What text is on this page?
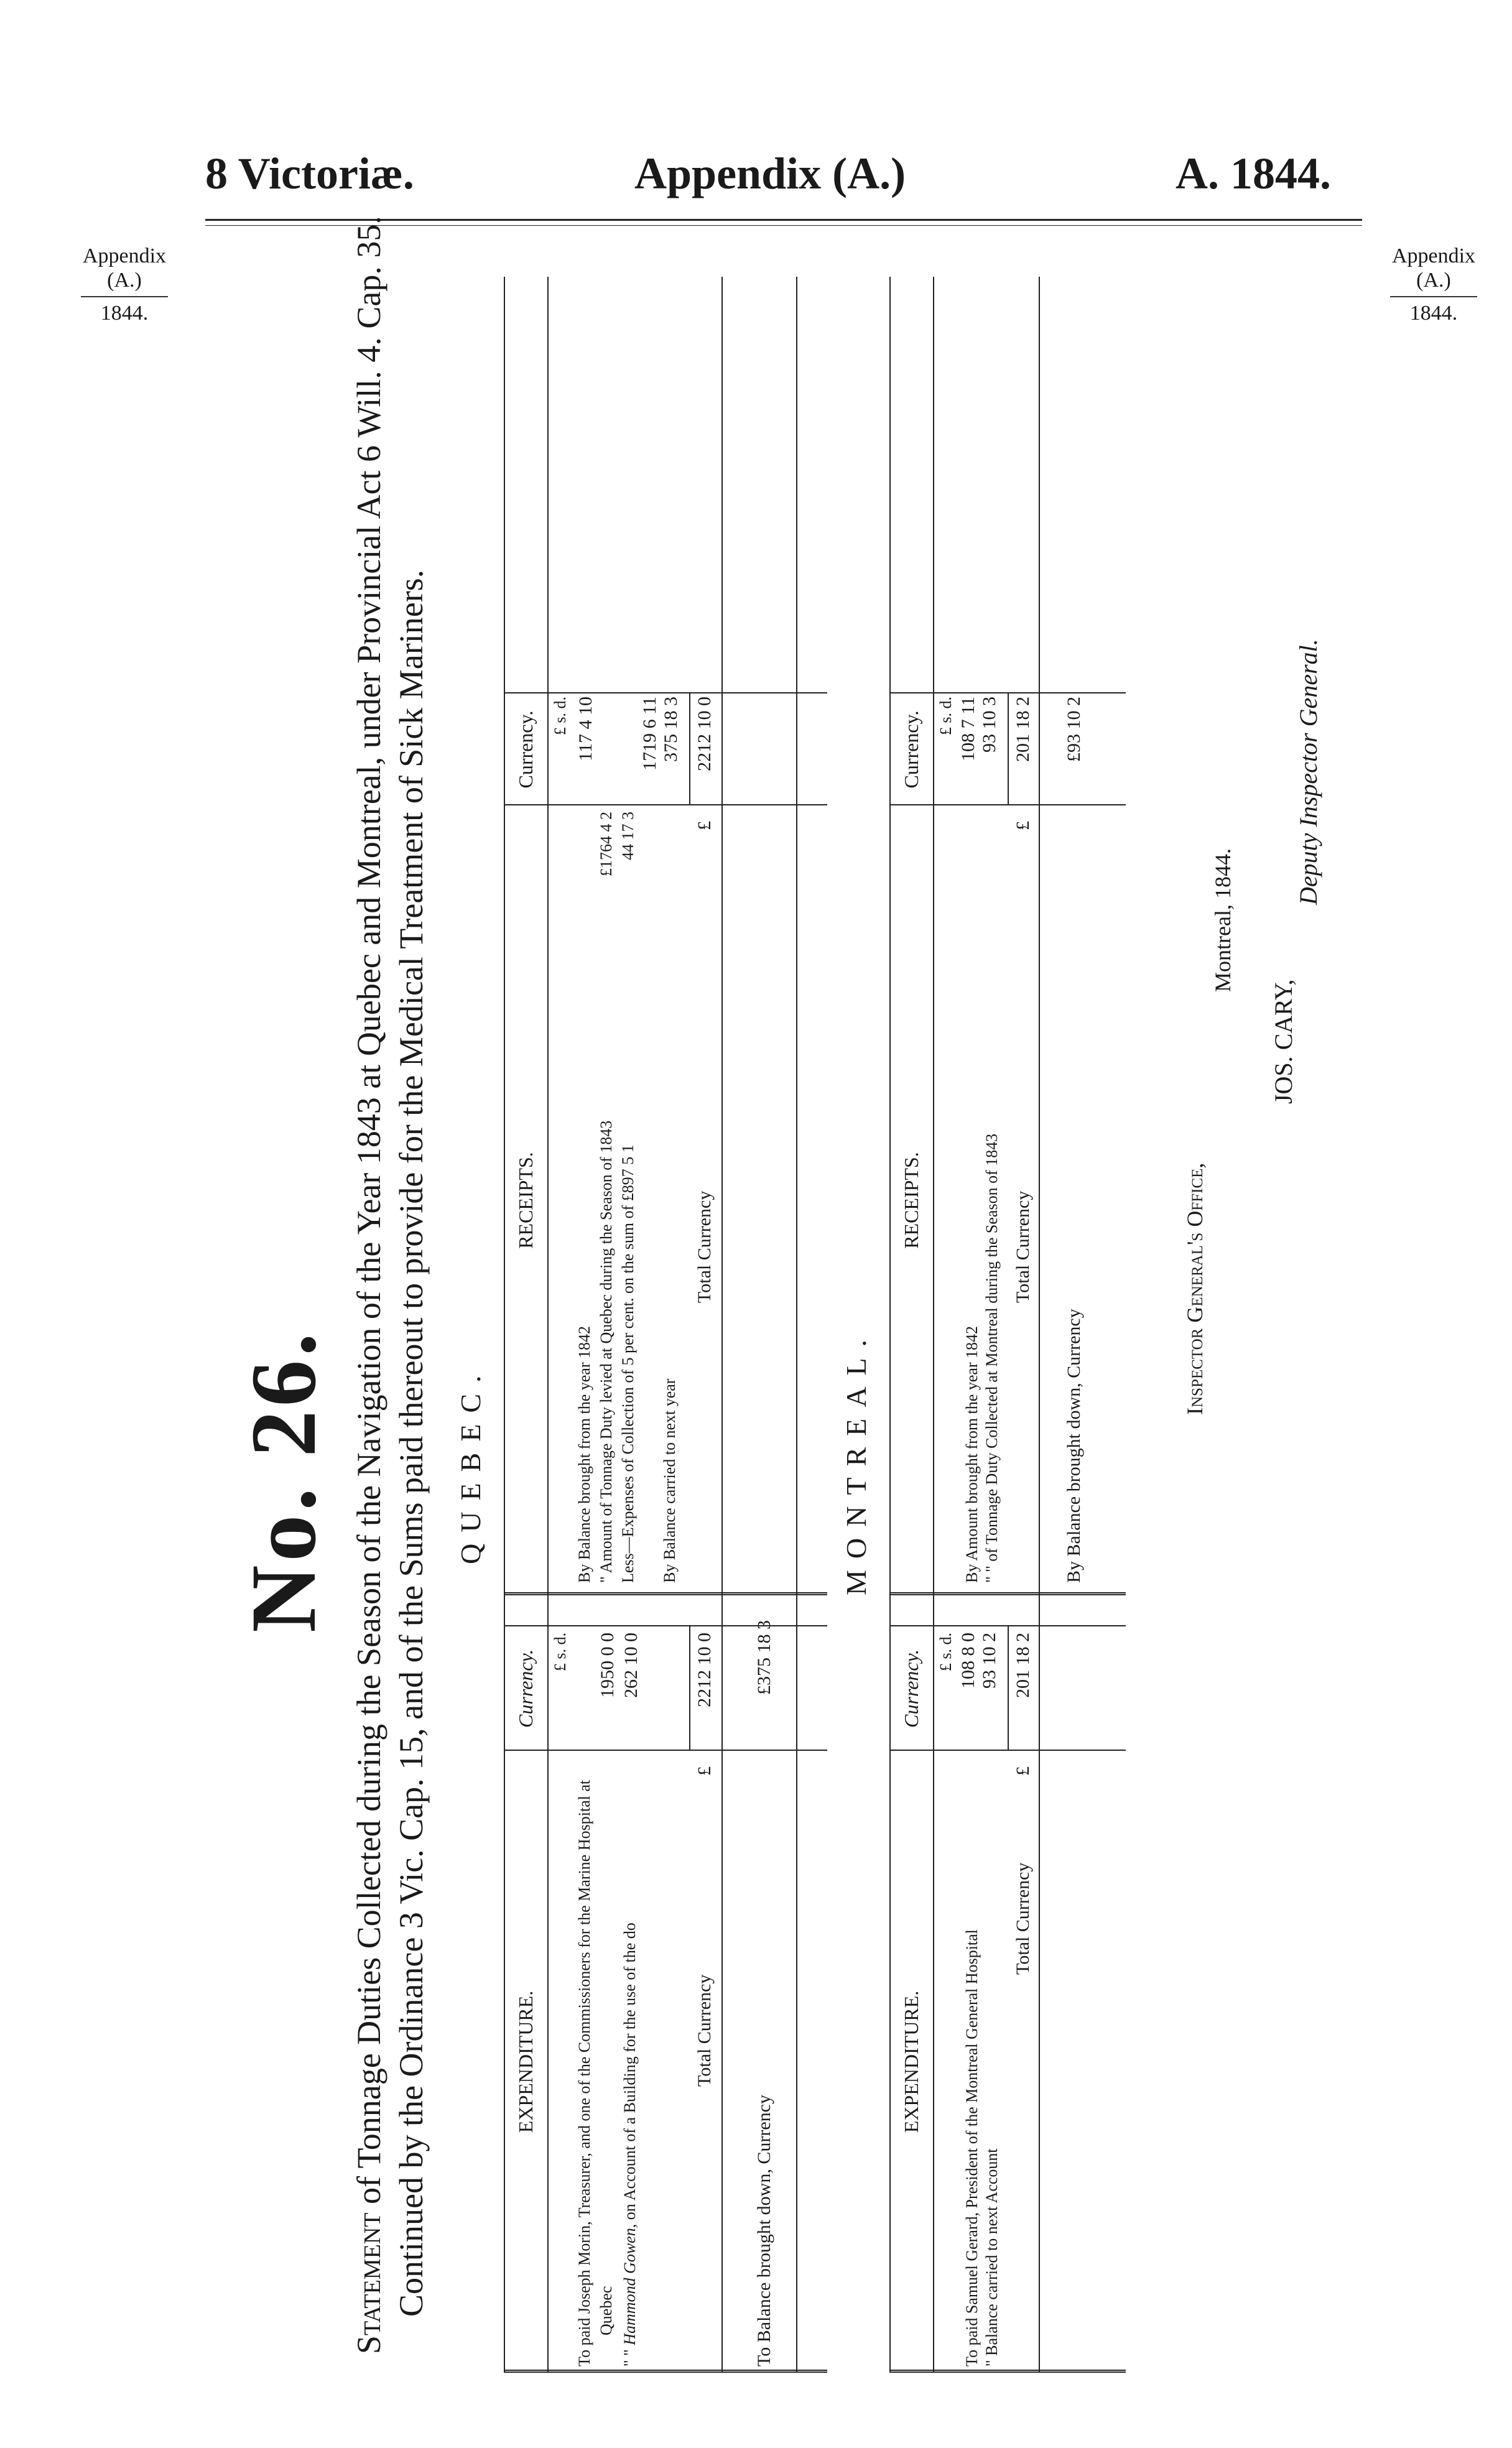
8 Victoriæ.	Appendix (A.)	A. 1844.
Appendix
(A.)
1844.
Appendix
(A.)
1844.
No. 26.
Statement of Tonnage Duties Collected during the Season of the Navigation of the Year 1843 at Quebec and Montreal, under Provincial Act 6 Will. 4. Cap. 35. Continued by the Ordinance 3 Vic. Cap. 15, and of the Sums paid thereout to provide for the Medical Treatment of Sick Mariners. QUEBEC.
EXPENDITURE.
Currency.
RECEIPTS.
Currency.
£ s. d.
£ s. d.
To paid Joseph Morin, Treasurer, and one of the Commissioners for the Marine Hospital at Quebec
1950 0 0
" " Hammond Gowen, on Account of a Building for the use of the do
262 10 0
By Balance brought from the year 1842
117 4 10
" Amount of Tonnage Duty levied at Quebec during the Season of 1843
£1764 4 2
Less—Expenses of Collection of 5 per cent. on the sum of £897 5 1
44 17 3
1719 6 11
By Balance carried to next year
375 18 3
Total Currency
£
2212 10 0
Total Currency
£
2212 10 0
To Balance brought down, Currency
£375 18 3
MONTREAL.
EXPENDITURE.
Currency.
RECEIPTS.
Currency.
£ s. d.
£ s. d.
To paid Samuel Gerard, President of the Montreal General Hospital
108 8 0
" Balance carried to next Account
93 10 2
By Amount brought from the year 1842
108 7 11
" " of Tonnage Duty Collected at Montreal during the Season of 1843
93 10 3
Total Currency
£
201 18 2
Total Currency
£
201 18 2
By Balance brought down, Currency
£93 10 2
Inspector General's Office,
Montreal, 1844.
JOS. CARY,
Deputy Inspector General.
